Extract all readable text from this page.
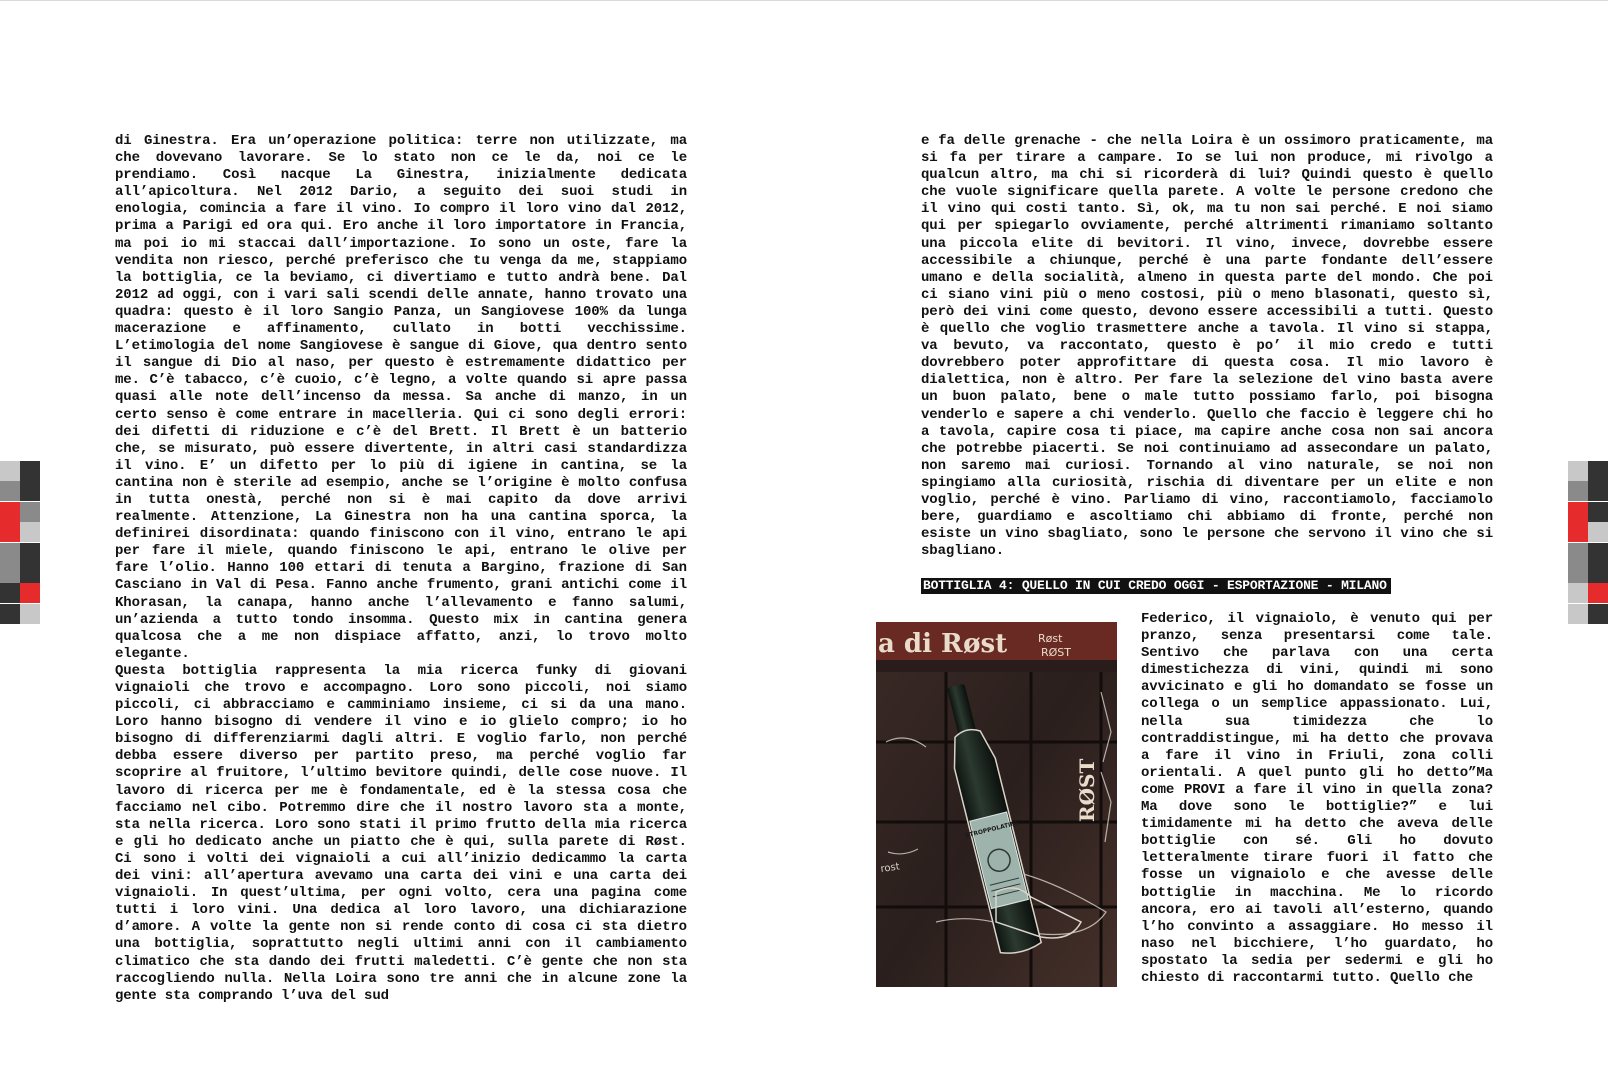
di Ginestra. Era un’operazione politica: terre non utilizzate, ma che dovevano lavorare. Se lo stato non ce le da, noi ce le prendiamo. Così nacque La Ginestra, inizialmente dedicata all’apicoltura. Nel 2012 Dario, a seguito dei suoi studi in enologia, comincia a fare il vino. Io compro il loro vino dal 2012, prima a Parigi ed ora qui. Ero anche il loro importatore in Francia, ma poi io mi staccai dall’importazione. Io sono un oste, fare la vendita non riesco, perché preferisco che tu venga da me, stappiamo la bottiglia, ce la beviamo, ci divertiamo e tutto andrà bene. Dal 2012 ad oggi, con i vari sali scendi delle annate, hanno trovato una quadra: questo è il loro Sangio Panza, un Sangiovese 100% da lunga macerazione e affinamento, cullato in botti vecchissime. L’etimologia del nome Sangiovese è sangue di Giove, qua dentro sento il sangue di Dio al naso, per questo è estremamente didattico per me. C’è tabacco, c’è cuoio, c’è legno, a volte quando si apre passa quasi alle note dell’incenso da messa. Sa anche di manzo, in un certo senso è come entrare in macelleria. Qui ci sono degli errori: dei difetti di riduzione e c’è del Brett. Il Brett è un batterio che, se misurato, può essere divertente, in altri casi standardizza il vino. E’ un difetto per lo più di igiene in cantina, se la cantina non è sterile ad esempio, anche se l’origine è molto confusa in tutta onestà, perché non si è mai capito da dove arrivi realmente. Attenzione, La Ginestra non ha una cantina sporca, la definirei disordinata: quando finiscono con il vino, entrano le api per fare il miele, quando finiscono le api, entrano le olive per fare l’olio. Hanno 100 ettari di tenuta a Bargino, frazione di San Casciano in Val di Pesa. Fanno anche frumento, grani antichi come il Khorasan, la canapa, hanno anche l’allevamento e fanno salumi, un’azienda a tutto tondo insomma. Questo mix in cantina genera qualcosa che a me non dispiace affatto, anzi, lo trovo molto elegante.

Questa bottiglia rappresenta la mia ricerca funky di giovani vignaioli che trovo e accompagno. Loro sono piccoli, noi siamo piccoli, ci abbracciamo e camminiamo insieme, ci si da una mano. Loro hanno bisogno di vendere il vino e io glielo compro; io ho bisogno di differenziarmi dagli altri. E voglio farlo, non perché debba essere diverso per partito preso, ma perché voglio far scoprire al fruitore, l’ultimo bevitore quindi, delle cose nuove. Il lavoro di ricerca per me è fondamentale, ed è la stessa cosa che facciamo nel cibo. Potremmo dire che il nostro lavoro sta a monte, sta nella ricerca. Loro sono stati il primo frutto della mia ricerca e gli ho dedicato anche un piatto che è qui, sulla parete di Røst. Ci sono i volti dei vignaioli a cui all’inizio dedicammo la carta dei vini: all’apertura avevamo una carta dei vini e una carta dei vignaioli. In quest’ultima, per ogni volto, cera una pagina come tutti i loro vini. Una dedica al loro lavoro, una dichiarazione d’amore. A volte la gente non si rende conto di cosa ci sta dietro una bottiglia, soprattutto negli ultimi anni con il cambiamento climatico che sta dando dei frutti maledetti. C’è gente che non sta raccogliendo nulla. Nella Loira sono tre anni che in alcune zone la gente sta comprando l’uva del sud

e fa delle grenache - che nella Loira è un ossimoro praticamente, ma si fa per tirare a campare. Io se lui non produce, mi rivolgo a qualcun altro, ma chi si ricorderà di lui? Quindi questo è quello che vuole significare quella parete. A volte le persone credono che il vino qui costi tanto. Sì, ok, ma tu non sai perché. E noi siamo qui per spiegarlo ovviamente, perché altrimenti rimaniamo soltanto una piccola elite di bevitori. Il vino, invece, dovrebbe essere accessibile a chiunque, perché è una parte fondante dell’essere umano e della socialità, almeno in questa parte del mondo. Che poi ci siano vini più o meno costosi, più o meno blasonati, questo sì, però dei vini come questo, devono essere accessibili a tutti. Questo è quello che voglio trasmettere anche a tavola. Il vino si stappa, va bevuto, va raccontato, questo è po’ il mio credo e tutti dovrebbero poter approfittare di questa cosa. Il mio lavoro è dialettica, non è altro. Per fare la selezione del vino basta avere un buon palato, bene o male tutto possiamo farlo, poi bisogna venderlo e sapere a chi venderlo. Quello che faccio è leggere chi ho a tavola, capire cosa ti piace, ma capire anche cosa non sai ancora che potrebbe piacerti. Se noi continuiamo ad assecondare un palato, non saremo mai curiosi. Tornando al vino naturale, se noi non spingiamo alla curiosità, rischia di diventare per un elite e non voglio, perché è vino. Parliamo di vino, raccontiamolo, facciamolo bere, guardiamo e ascoltiamo chi abbiamo di fronte, perché non esiste un vino sbagliato, sono le persone che servono il vino che si sbagliano.

BOTTIGLIA 4: QUELLO IN CUI CREDO OGGI - ESPORTAZIONE - MILANO
a di Røst	Røst
RØST
rost
RØST
STROPPOLATINI

Federico, il vignaiolo, è venuto qui per pranzo, senza presentarsi come tale. Sentivo che parlava con una certa dimestichezza di vini, quindi mi sono avvicinato e gli ho domandato se fosse un collega o un semplice appassionato. Lui, nella sua timidezza che lo contraddistingue, mi ha detto che provava a fare il vino in Friuli, zona colli orientali. A quel punto gli ho detto”Ma come PROVI a fare il vino in quella zona? Ma dove sono le bottiglie?” e lui timidamente mi ha detto che aveva delle bottiglie con sé. Gli ho dovuto letteralmente tirare fuori il fatto che fosse un vignaiolo e che avesse delle bottiglie in macchina. Me lo ricordo ancora, ero ai tavoli all’esterno, quando l’ho convinto a assaggiare. Ho messo il naso nel bicchiere, l’ho guardato, ho spostato la sedia per sedermi e gli ho chiesto di raccontarmi tutto. Quello che
